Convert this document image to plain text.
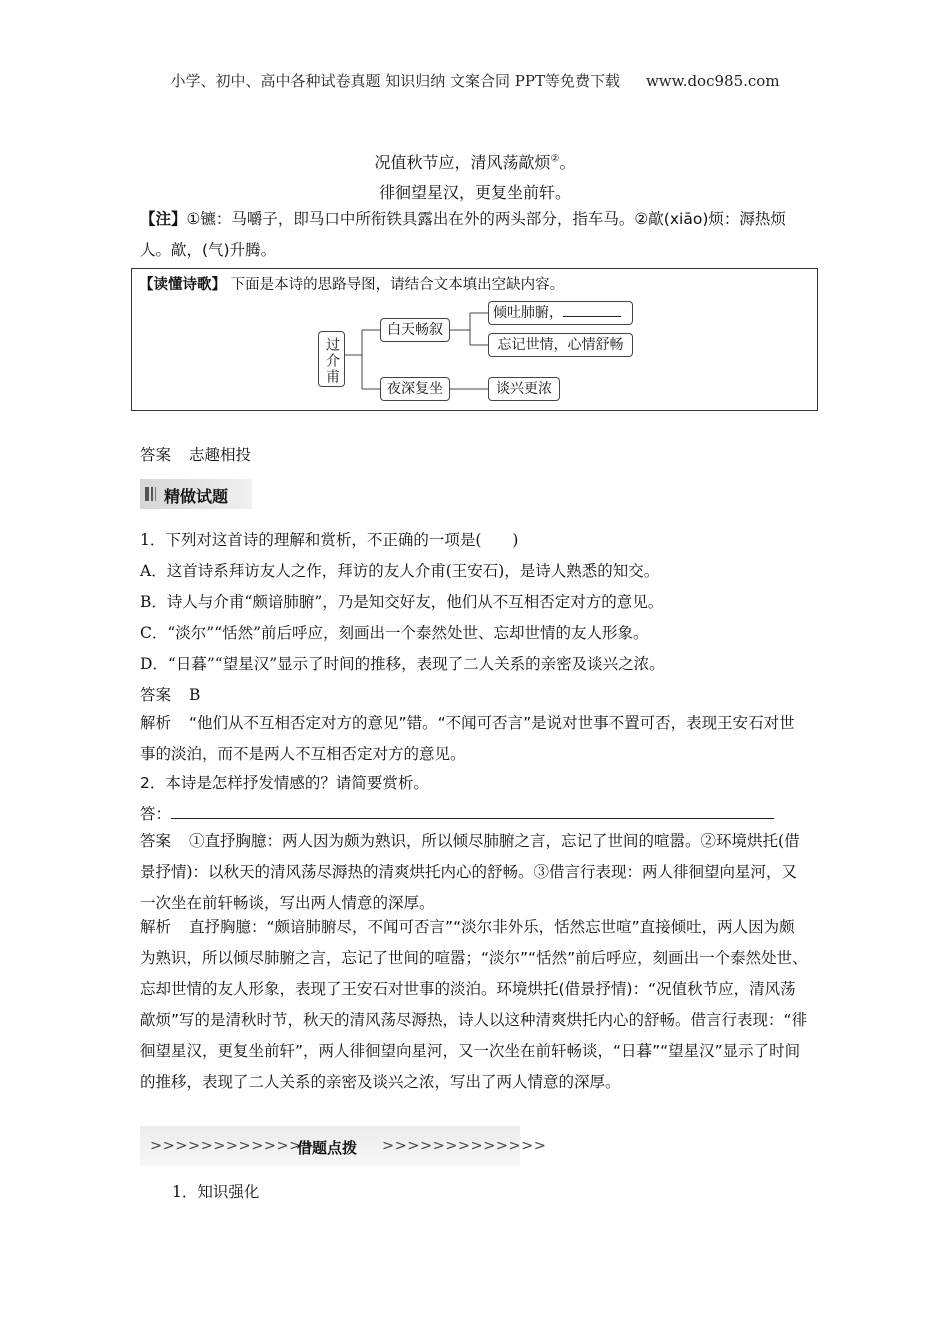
小学、初中、高中各种试卷真题 知识归纳 文案合同 PPT等免费下载 www.doc985.com
况值秋节应，清风荡歊烦②。
徘徊望星汉，更复坐前轩。
【注】①镳：马嚼子，即马口中所衔铁具露出在外的两头部分，指车马。②歊(xiāo)烦：溽热烦人。歊，(气)升腾。
【读懂诗歌】 下面是本诗的思路导图，请结合文本填出空缺内容。
过介甫
白天畅叙
倾吐肺腑，
忘记世情，心情舒畅
夜深复坐	谈兴更浓
答案 志趣相投
精做试题
1．下列对这首诗的理解和赏析，不正确的一项是(　　)
A．这首诗系拜访友人之作，拜访的友人介甫(王安石)，是诗人熟悉的知交。
B．诗人与介甫“颇谙肺腑”，乃是知交好友，他们从不互相否定对方的意见。
C．“淡尔”“恬然”前后呼应，刻画出一个泰然处世、忘却世情的友人形象。
D．“日暮”“望星汉”显示了时间的推移，表现了二人关系的亲密及谈兴之浓。
答案 B
解析 “他们从不互相否定对方的意见”错。“不闻可否言”是说对世事不置可否，表现王安石对世事的淡泊，而不是两人不互相否定对方的意见。
2．本诗是怎样抒发情感的？请简要赏析。
答：
答案 ①直抒胸臆：两人因为颇为熟识，所以倾尽肺腑之言，忘记了世间的喧嚣。②环境烘托(借景抒情)：以秋天的清风荡尽溽热的清爽烘托内心的舒畅。③借言行表现：两人徘徊望向星河，又一次坐在前轩畅谈，写出两人情意的深厚。
解析 直抒胸臆：“颇谙肺腑尽，不闻可否言”“淡尔非外乐，恬然忘世喧”直接倾吐，两人因为颇为熟识，所以倾尽肺腑之言，忘记了世间的喧嚣；“淡尔”“恬然”前后呼应，刻画出一个泰然处世、忘却世情的友人形象，表现了王安石对世事的淡泊。环境烘托(借景抒情)：“况值秋节应，清风荡歊烦”写的是清秋时节，秋天的清风荡尽溽热，诗人以这种清爽烘托内心的舒畅。借言行表现：“徘徊望星汉，更复坐前轩”，两人徘徊望向星河，又一次坐在前轩畅谈，“日暮”“望星汉”显示了时间的推移，表现了二人关系的亲密及谈兴之浓，写出了两人情意的深厚。
>>>>>>>>>>>>>
借题点拨 >>>>>>>>>>>>>
1．知识强化
